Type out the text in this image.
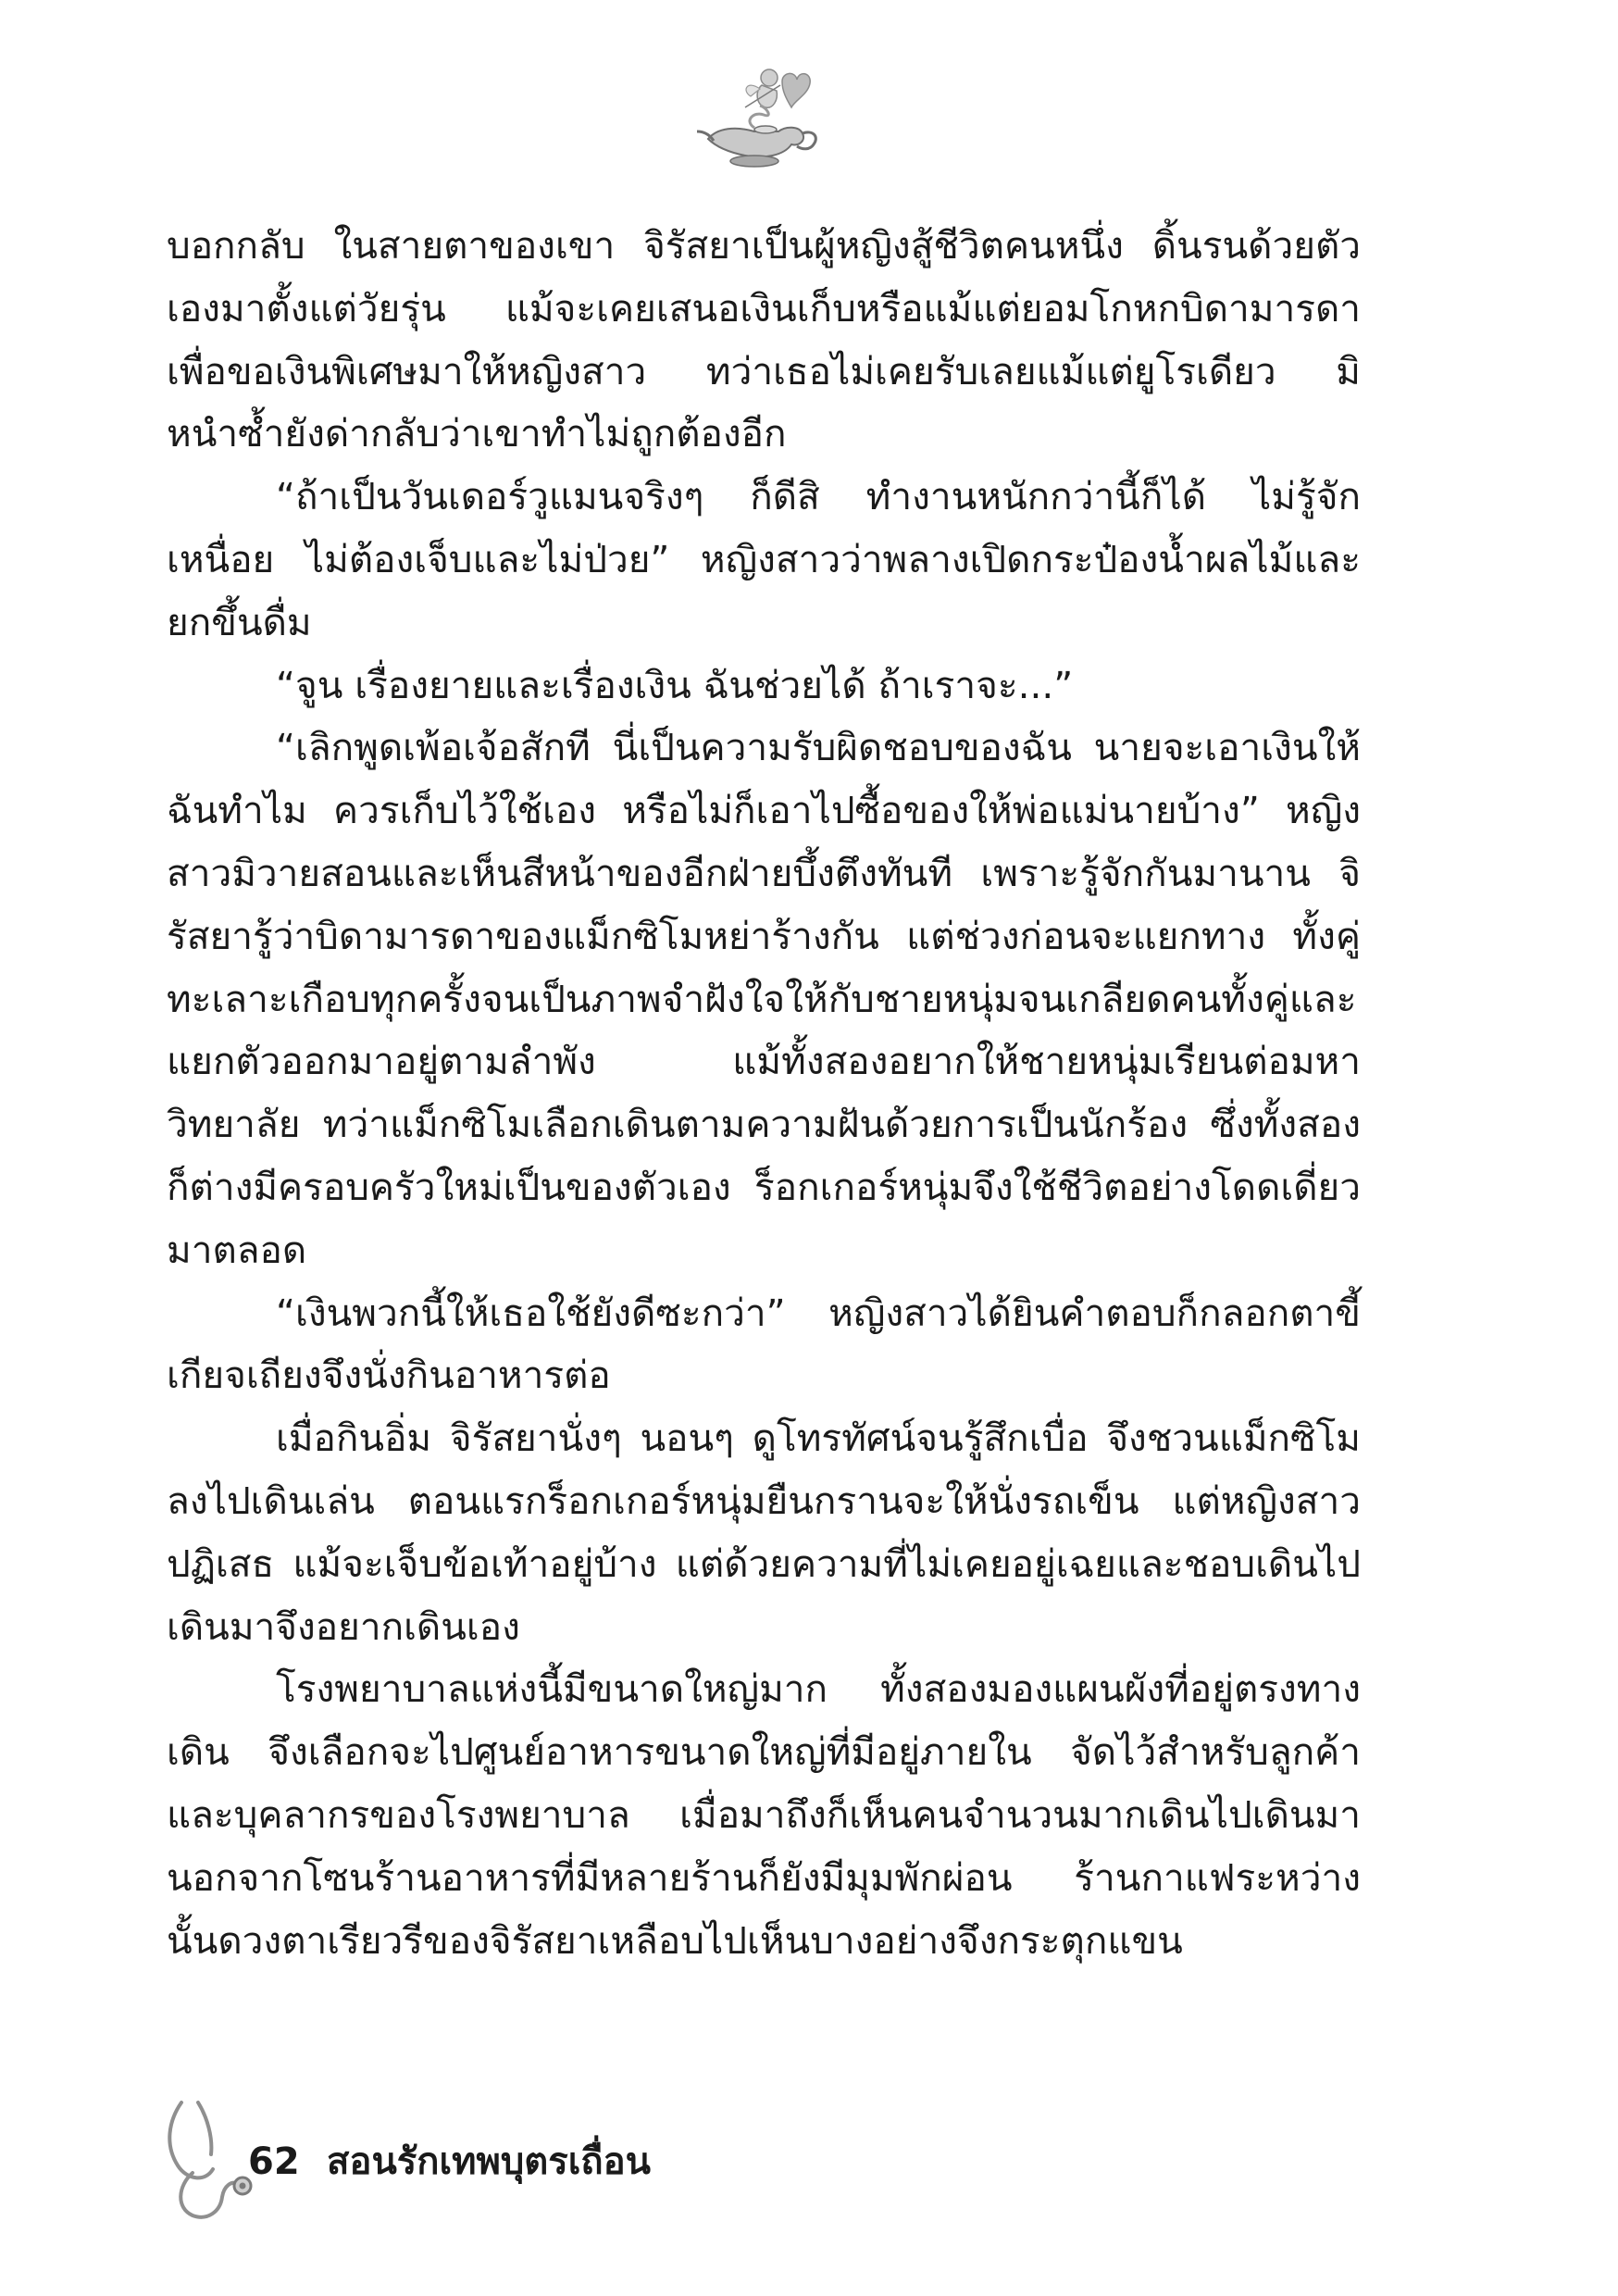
บอกกลับ ในสายตาของเขา จิรัสยาเป็นผู้หญิงสู้ชีวิตคนหนึ่ง ดิ้นรนด้วยตัวเองมาตั้งแต่วัยรุ่น แม้จะเคยเสนอเงินเก็บหรือแม้แต่ยอมโกหกบิดามารดา เพื่อขอเงินพิเศษมาให้หญิงสาว ทว่าเธอไม่เคยรับเลยแม้แต่ยูโรเดียว มิหนำซ้ำยังด่ากลับว่าเขาทำไม่ถูกต้องอีก

“ถ้าเป็นวันเดอร์วูแมนจริงๆ ก็ดีสิ ทำงานหนักกว่านี้ก็ได้ ไม่รู้จักเหนื่อย ไม่ต้องเจ็บและไม่ป่วย” หญิงสาวว่าพลางเปิดกระป๋องน้ำผลไม้และยกขึ้นดื่ม

“จูน เรื่องยายและเรื่องเงิน ฉันช่วยได้ ถ้าเราจะ...”

“เลิกพูดเพ้อเจ้อสักที นี่เป็นความรับผิดชอบของฉัน นายจะเอาเงินให้ฉันทำไม ควรเก็บไว้ใช้เอง หรือไม่ก็เอาไปซื้อของให้พ่อแม่นายบ้าง” หญิงสาวมิวายสอนและเห็นสีหน้าของอีกฝ่ายบึ้งตึงทันที เพราะรู้จักกันมานาน จิรัสยารู้ว่าบิดามารดาของแม็กซิโมหย่าร้างกัน แต่ช่วงก่อนจะแยกทาง ทั้งคู่ทะเลาะเกือบทุกครั้งจนเป็นภาพจำฝังใจให้กับชายหนุ่มจนเกลียดคนทั้งคู่และแยกตัวออกมาอยู่ตามลำพัง แม้ทั้งสองอยากให้ชายหนุ่มเรียนต่อมหาวิทยาลัย ทว่าแม็กซิโมเลือกเดินตามความฝันด้วยการเป็นนักร้อง ซึ่งทั้งสองก็ต่างมีครอบครัวใหม่เป็นของตัวเอง ร็อกเกอร์หนุ่มจึงใช้ชีวิตอย่างโดดเดี่ยวมาตลอด

“เงินพวกนี้ให้เธอใช้ยังดีซะกว่า” หญิงสาวได้ยินคำตอบก็กลอกตาขี้เกียจเถียงจึงนั่งกินอาหารต่อ

เมื่อกินอิ่ม จิรัสยานั่งๆ นอนๆ ดูโทรทัศน์จนรู้สึกเบื่อ จึงชวนแม็กซิโมลงไปเดินเล่น ตอนแรกร็อกเกอร์หนุ่มยืนกรานจะให้นั่งรถเข็น แต่หญิงสาวปฏิเสธ แม้จะเจ็บข้อเท้าอยู่บ้าง แต่ด้วยความที่ไม่เคยอยู่เฉยและชอบเดินไปเดินมาจึงอยากเดินเอง

โรงพยาบาลแห่งนี้มีขนาดใหญ่มาก ทั้งสองมองแผนผังที่อยู่ตรงทางเดิน จึงเลือกจะไปศูนย์อาหารขนาดใหญ่ที่มีอยู่ภายใน จัดไว้สำหรับลูกค้าและบุคลากรของโรงพยาบาล เมื่อมาถึงก็เห็นคนจำนวนมากเดินไปเดินมา นอกจากโซนร้านอาหารที่มีหลายร้านก็ยังมีมุมพักผ่อน ร้านกาแฟระหว่างนั้นดวงตาเรียวรีของจิรัสยาเหลือบไปเห็นบางอย่างจึงกระตุกแขน

62 สอนรักเทพบุตรเถื่อน
